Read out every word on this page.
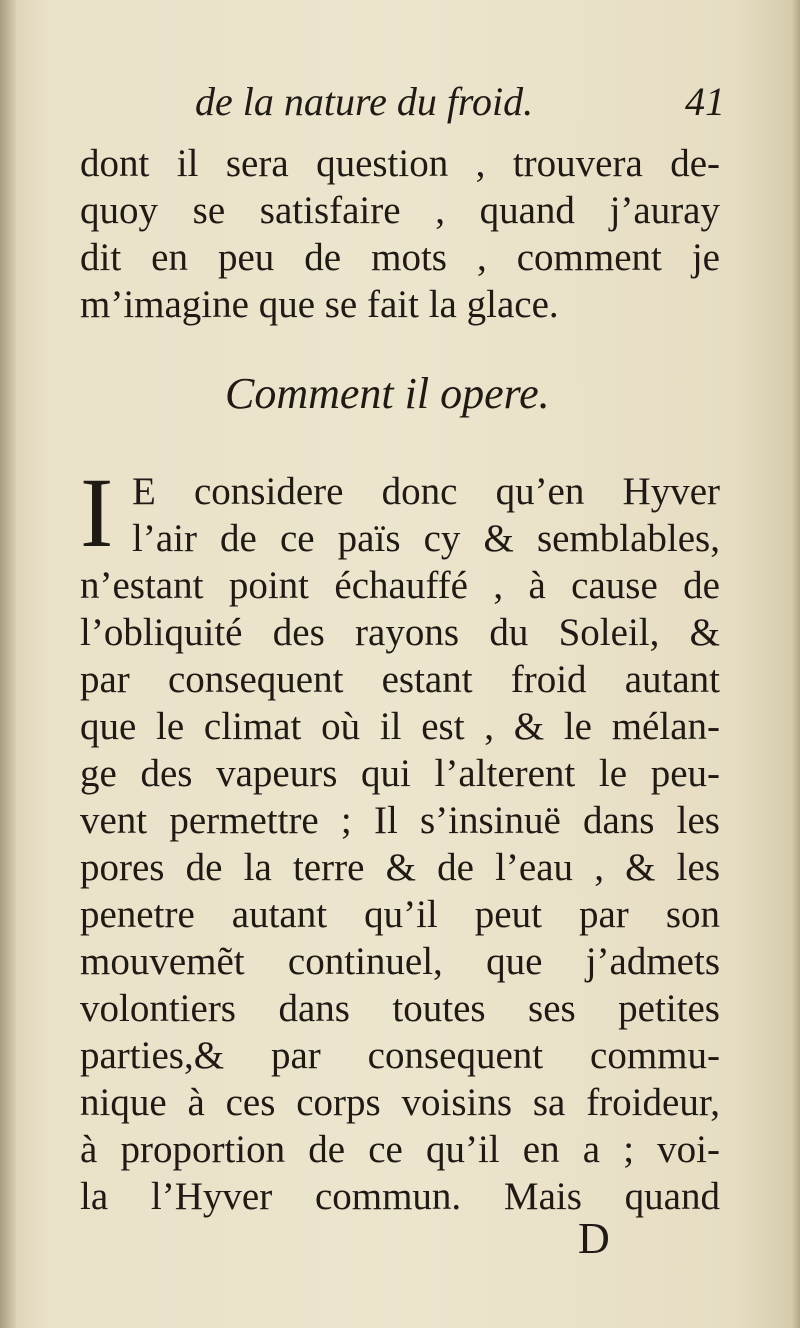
de la nature du froid.	41
dont il sera question , trouvera de-
quoy se satisfaire , quand j’auray
dit en peu de mots , comment je
m’imagine que se fait la glace.
Comment il opere.
I E considere donc qu’en Hyver
l’air de ce païs cy & semblables,
n’estant point échauffé , à cause de
l’obliquité des rayons du Soleil, &
par consequent estant froid autant
que le climat où il est , & le mélan-
ge des vapeurs qui l’alterent le peu-
vent permettre ; Il s’insinuë dans les
pores de la terre & de l’eau , & les
penetre autant qu’il peut par son
mouvemẽt continuel, que j’admets
volontiers dans toutes ses petites
parties,& par consequent commu-
nique à ces corps voisins sa froideur,
à proportion de ce qu’il en a ; voi-
la l’Hyver commun. Mais quand
D
